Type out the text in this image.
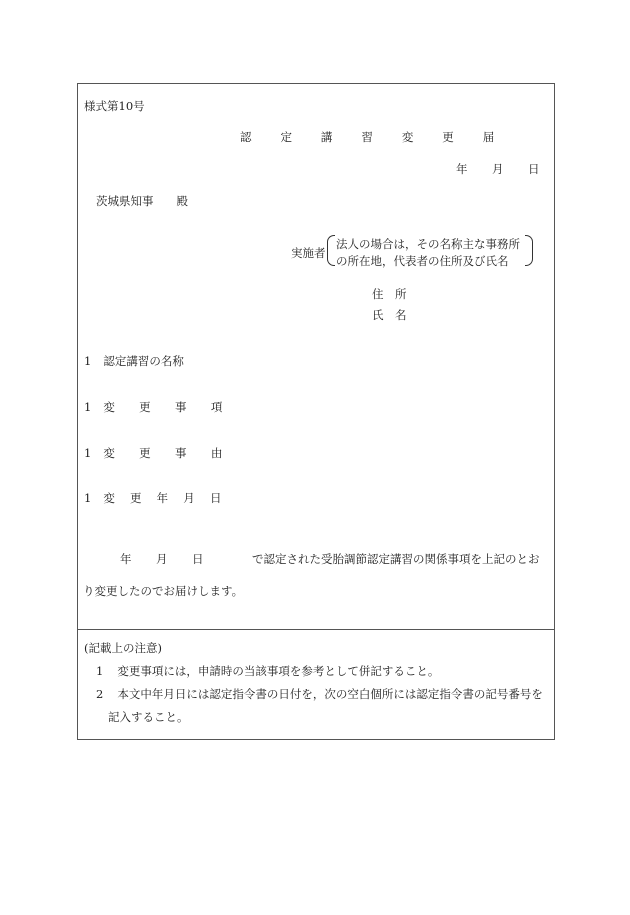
様式第10号
認 定 講 習 変 更 届
年 月 日
茨城県知事　　殿
実施者
法人の場合は，その名称主な事務所
の所在地，代表者の住所及び氏名
住　所
氏　名
1 認定講習の名称
1 変 更 事 項
1 変 更 事 由
1 変 更 年 月 日
年 月 日	で認定された受胎調節認定講習の関係事項を上記のとお
り変更したのでお届けします。
(記載上の注意)
1 変更事項には，申請時の当該事項を参考として併記すること。
2 本文中年月日には認定指令書の日付を，次の空白個所には認定指令書の記号番号を
記入すること。
